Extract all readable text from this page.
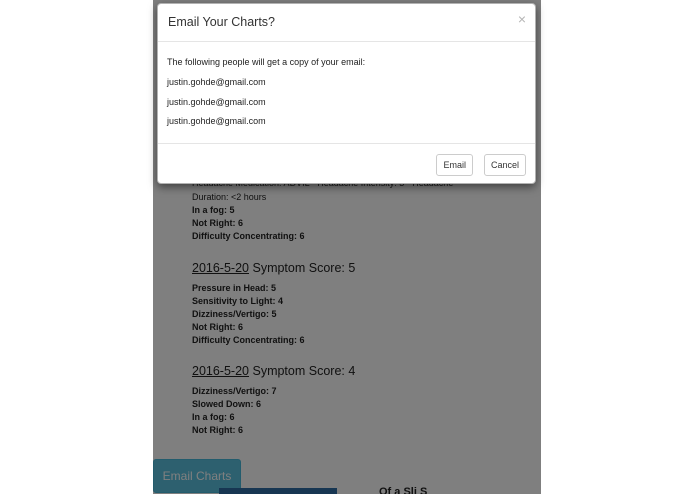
Email Your Charts?	×
The following people will get a copy of your email:
justin.gohde@gmail.com
justin.gohde@gmail.com
justin.gohde@gmail.com
Email	Cancel
